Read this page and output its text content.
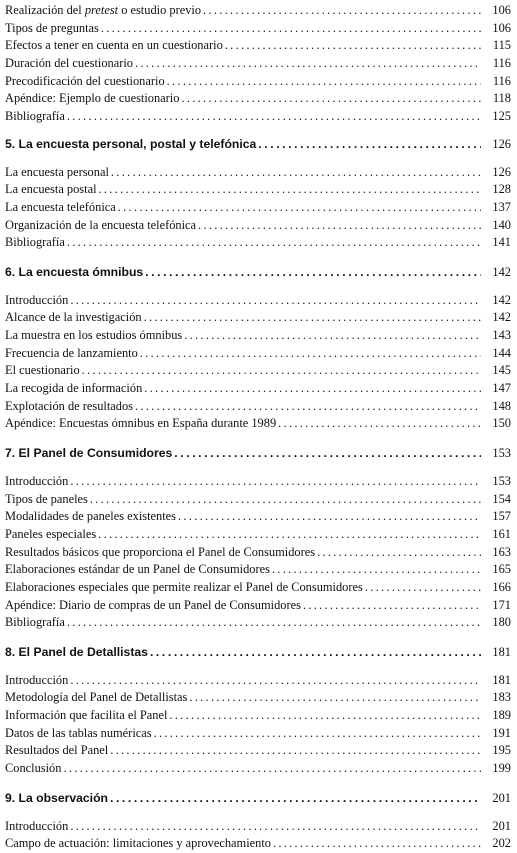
Realización del pretest o estudio previo . . .	106
Tipos de preguntas . . .	106
Efectos a tener en cuenta en un cuestionario . . .	115
Duración del cuestionario . . .	116
Precodificación del cuestionario . . .	116
Apéndice: Ejemplo de cuestionario . . .	118
Bibliografía . . .	125
5. La encuesta personal, postal y telefónica . . .	126
La encuesta personal . . .	126
La encuesta postal . . .	128
La encuesta telefónica . . .	137
Organización de la encuesta telefónica . . .	140
Bibliografía . . .	141
6. La encuesta ómnibus . . .	142
Introducción . . .	142
Alcance de la investigación . . .	142
La muestra en los estudios ómnibus . . .	143
Frecuencia de lanzamiento . . .	144
El cuestionario . . .	145
La recogida de información . . .	147
Explotación de resultados . . .	148
Apéndice: Encuestas ómnibus en España durante 1989 . . .	150
7. El Panel de Consumidores . . .	153
Introducción . . .	153
Tipos de paneles . . .	154
Modalidades de paneles existentes . . .	157
Paneles especiales . . .	161
Resultados básicos que proporciona el Panel de Consumidores . . .	163
Elaboraciones estándar de un Panel de Consumidores . . .	165
Elaboraciones especiales que permite realizar el Panel de Consumidores . . .	166
Apéndice: Diario de compras de un Panel de Consumidores . . .	171
Bibliografía . . .	180
8. El Panel de Detallistas . . .	181
Introducción . . .	181
Metodología del Panel de Detallistas . . .	183
Información que facilita el Panel . . .	189
Datos de las tablas numéricas . . .	191
Resultados del Panel . . .	195
Conclusión . . .	199
9. La observación . . .	201
Introducción . . .	201
Campo de actuación: limitaciones y aprovechamiento . . .	202
